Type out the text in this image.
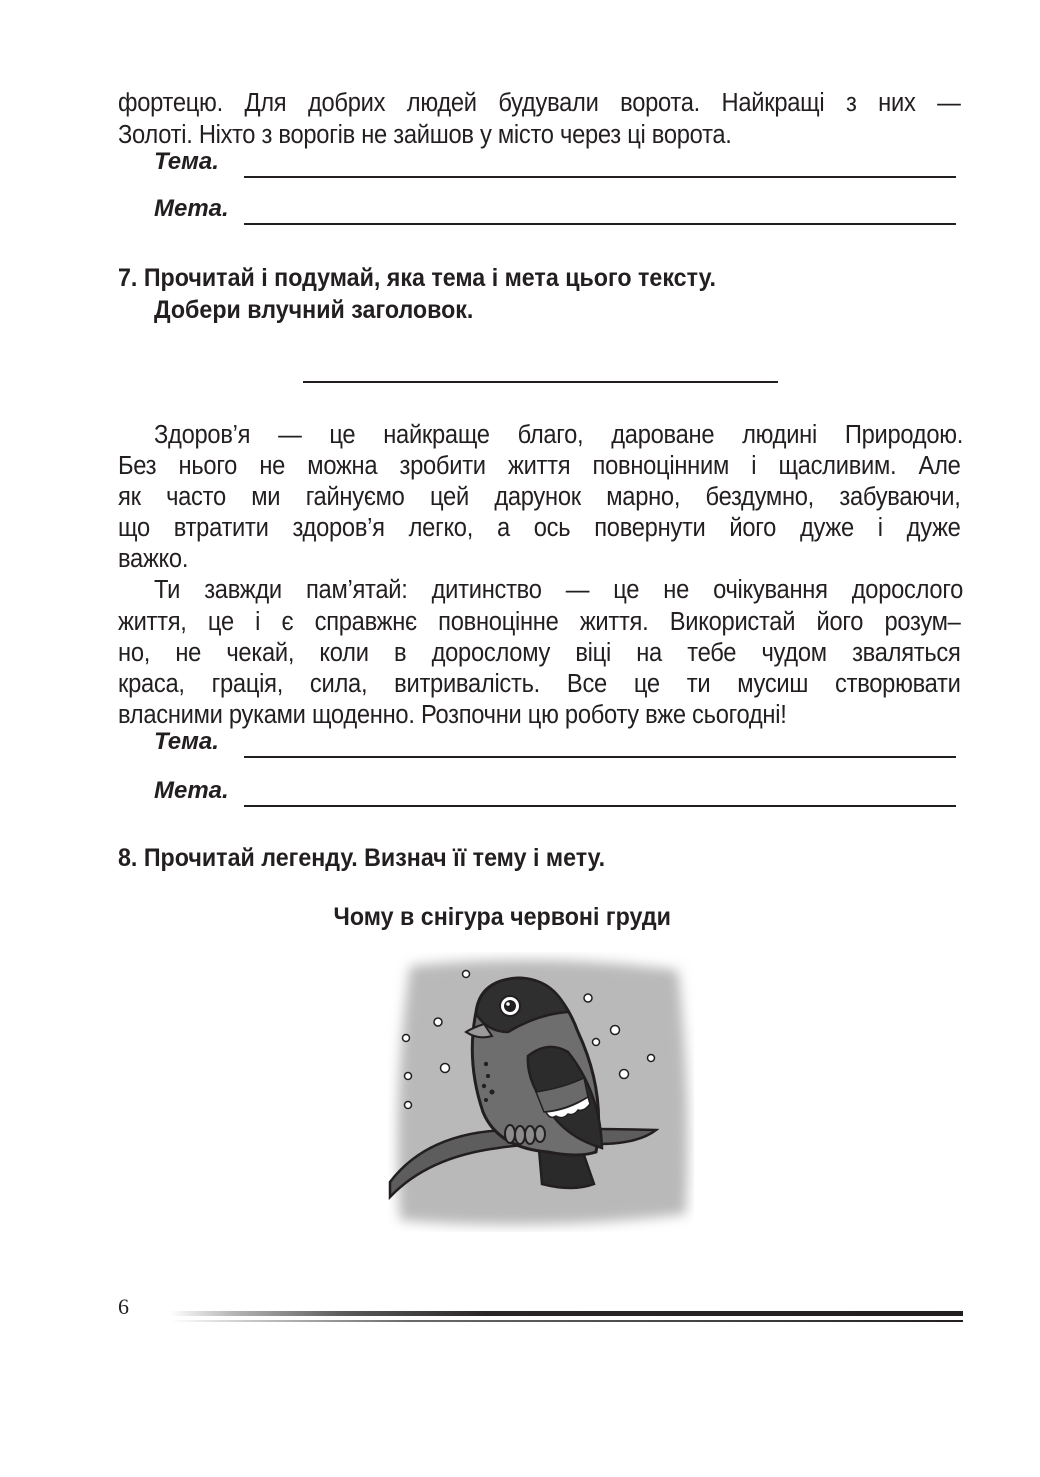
фортецю. Для добрих людей будували ворота. Найкращі з них —
Золоті. Ніхто з ворогів не зайшов у місто через ці ворота.
Тема.
Мета.
7. Прочитай і подумай, яка тема і мета цього тексту.
Добери влучний заголовок.
Здоров’я — це найкраще благо, дароване людині Природою.
Без нього не можна зробити життя повноцінним і щасливим. Але
як часто ми гайнуємо цей дарунок марно, бездумно, забуваючи,
що втратити здоров’я легко, а ось повернути його дуже і дуже
важко.
Ти завжди пам’ятай: дитинство — це не очікування дорослого
життя, це і є справжнє повноцінне життя. Використай його розум–
но, не чекай, коли в дорослому віці на тебе чудом зваляться
краса, грація, сила, витривалість. Все це ти мусиш створювати
власними руками щоденно. Розпочни цю роботу вже сьогодні!
Тема.
Мета.
8. Прочитай легенду. Визнач її тему і мету.
Чому в снігура червоні груди
6
